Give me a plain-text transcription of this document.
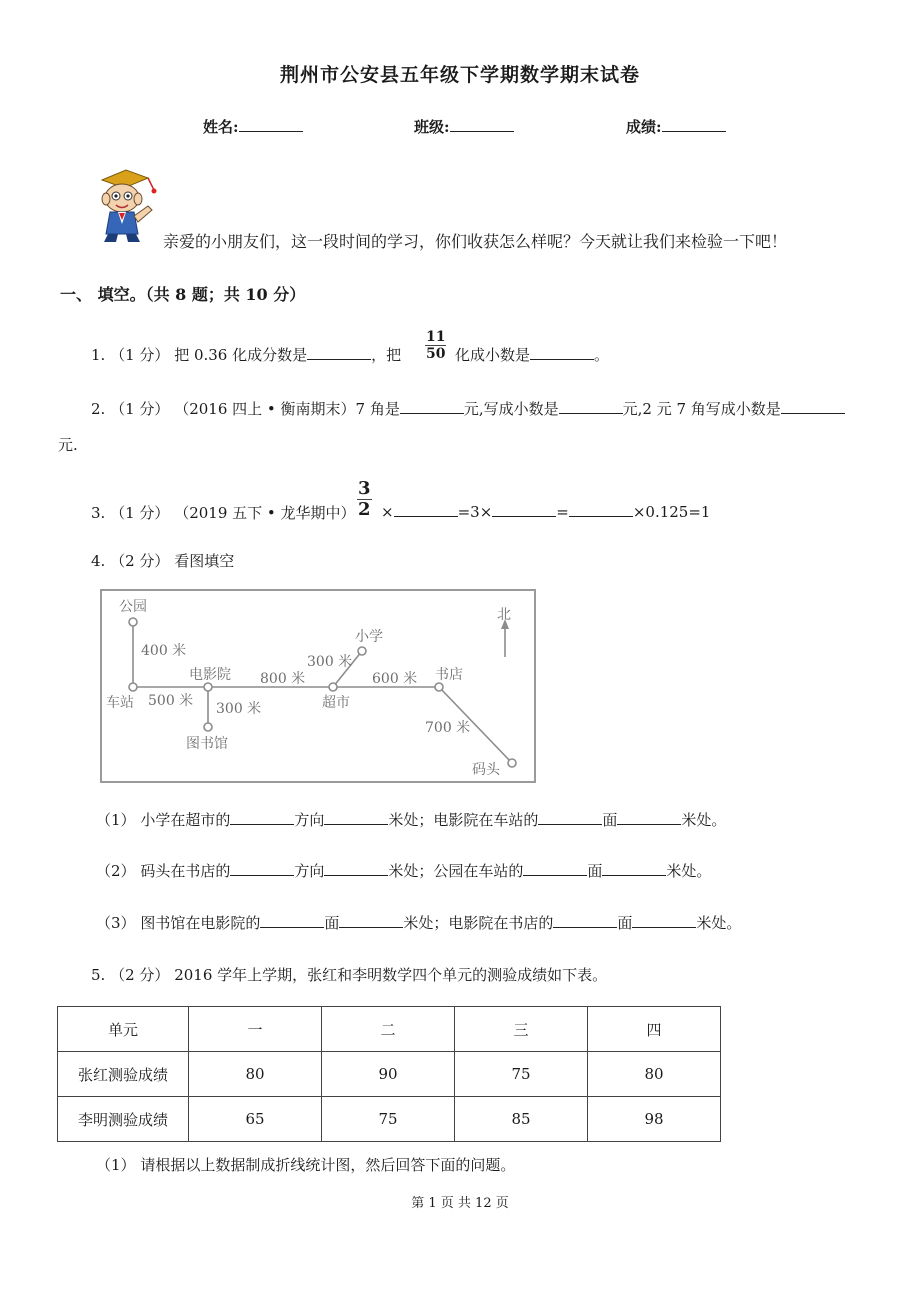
荆州市公安县五年级下学期数学期末试卷
姓名:	班级:	成绩:
亲爱的小朋友们，这一段时间的学习，你们收获怎么样呢？今天就让我们来检验一下吧！
一、 填空。（共 8 题；共 10 分）
1. （1 分） 把 0.36 化成分数是	，把 $\frac{11}{50}$ 化成小数是	。
2. （1 分） （2016 四上 • 衡南期末）7 角是	元,写成小数是	元,2 元 7 角写成小数是
元.
3. （1 分） （2019 五下 • 龙华期中） $\frac{3}{2}$ ×	=3×	=	×0.125=1
4. （2 分） 看图填空
公园
车站
电影院
图书馆
超市
小学
书店
码头
北
400 米
500 米 300 米
800 米
300 米
600 米
700 米
（1） 小学在超市的	方向	米处；电影院在车站的	面	米处。
（2） 码头在书店的	方向	米处；公园在车站的	面	米处。
（3） 图书馆在电影院的	面	米处；电影院在书店的	面	米处。
5. （2 分） 2016 学年上学期，张红和李明数学四个单元的测验成绩如下表。
单元	一	二	三	四
张红测验成绩	80	90	75	80
李明测验成绩	65	75	85	98
（1） 请根据以上数据制成折线统计图，然后回答下面的问题。
第 1 页 共 12 页
